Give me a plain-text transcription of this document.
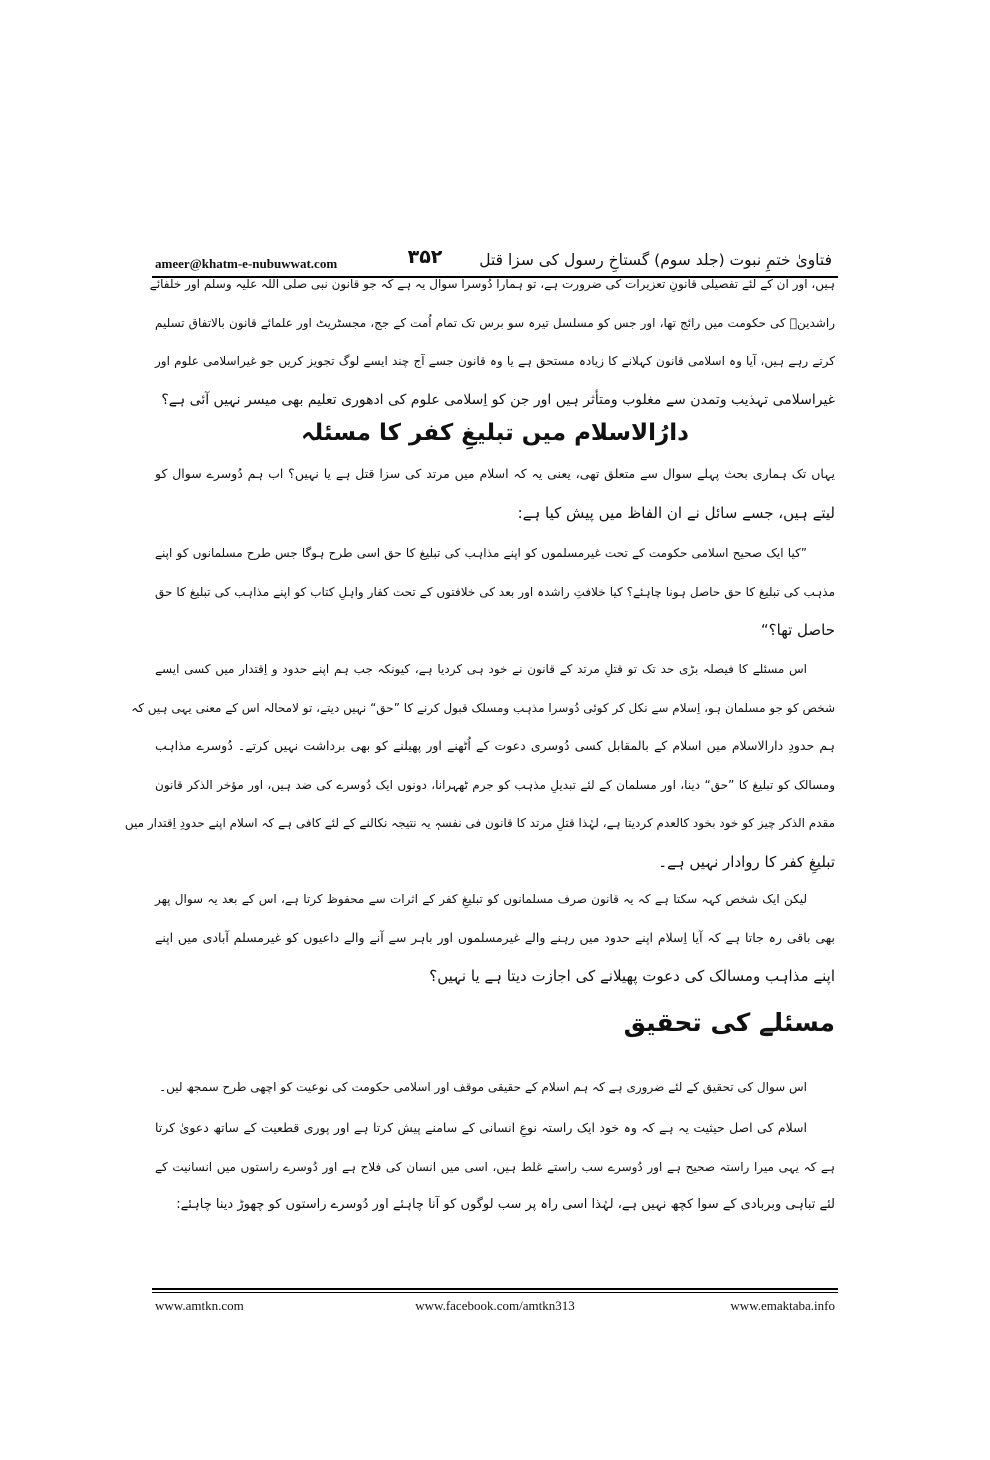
فتاویٰ ختمِ نبوت (جلد سوم) گستاخِ رسول کی سزا قتل
۳۵۲
ameer@khatm-e-nubuwwat.com
ہیں، اور ان کے لئے تفصیلی قانونِ تعزیرات کی ضرورت ہے، تو ہمارا دُوسرا سوال یہ ہے کہ جو قانون نبی صلی اللہ علیہ وسلم اور خلفائے
راشدینؓ کی حکومت میں رائج تھا، اور جس کو مسلسل تیرہ سو برس تک تمام اُمت کے جج، مجسٹریٹ اور علمائے قانون بالاتفاق تسلیم
کرتے رہے ہیں، آیا وہ اسلامی قانون کہلانے کا زیادہ مستحق ہے یا وہ قانون جسے آج چند ایسے لوگ تجویز کریں جو غیراسلامی علوم اور
غیراسلامی تہذیب وتمدن سے مغلوب ومتأثر ہیں اور جن کو اِسلامی علوم کی ادھوری تعلیم بھی میسر نہیں آئی ہے؟
دارُالاسلام میں تبلیغِ کفر کا مسئلہ
یہاں تک ہماری بحث پہلے سوال سے متعلق تھی، یعنی یہ کہ اسلام میں مرتد کی سزا قتل ہے یا نہیں؟ اب ہم دُوسرے سوال کو
لیتے ہیں، جسے سائل نے ان الفاظ میں پیش کیا ہے:
”کیا ایک صحیح اسلامی حکومت کے تحت غیرمسلموں کو اپنے مذاہب کی تبلیغ کا حق اسی طرح ہوگا جس طرح مسلمانوں کو اپنے
مذہب کی تبلیغ کا حق حاصل ہونا چاہئے؟ کیا خلافتِ راشدہ اور بعد کی خلافتوں کے تحت کفار واہلِ کتاب کو اپنے مذاہب کی تبلیغ کا حق
حاصل تھا؟“
اس مسئلے کا فیصلہ بڑی حد تک تو قتلِ مرتد کے قانون نے خود ہی کردیا ہے، کیونکہ جب ہم اپنے حدود و اِقتدار میں کسی ایسے
شخص کو جو مسلمان ہو، اِسلام سے نکل کر کوئی دُوسرا مذہب ومسلک قبول کرنے کا ”حق“ نہیں دیتے، تو لامحالہ اس کے معنی یہی ہیں کہ
ہم حدودِ دارالاسلام میں اسلام کے بالمقابل کسی دُوسری دعوت کے اُٹھنے اور پھیلنے کو بھی برداشت نہیں کرتے۔ دُوسرے مذاہب
ومسالک کو تبلیغ کا ”حق“ دینا، اور مسلمان کے لئے تبدیلِ مذہب کو جرم ٹھہرانا، دونوں ایک دُوسرے کی ضد ہیں، اور مؤخر الذکر قانون
مقدم الذکر چیز کو خود بخود کالعدم کردیتا ہے، لہٰذا قتلِ مرتد کا قانون فی نفسہٖ یہ نتیجہ نکالنے کے لئے کافی ہے کہ اسلام اپنے حدودِ اِقتدار میں
تبلیغِ کفر کا روادار نہیں ہے۔
لیکن ایک شخص کہہ سکتا ہے کہ یہ قانون صرف مسلمانوں کو تبلیغِ کفر کے اثرات سے محفوظ کرتا ہے، اس کے بعد یہ سوال پھر
بھی باقی رہ جاتا ہے کہ آیا اِسلام اپنے حدود میں رہنے والے غیرمسلموں اور باہر سے آنے والے داعیوں کو غیرمسلم آبادی میں اپنے
اپنے مذاہب ومسالک کی دعوت پھیلانے کی اجازت دیتا ہے یا نہیں؟
مسئلے کی تحقیق
اس سوال کی تحقیق کے لئے ضروری ہے کہ ہم اسلام کے حقیقی موقف اور اسلامی حکومت کی نوعیت کو اچھی طرح سمجھ لیں۔
اسلام کی اصل حیثیت یہ ہے کہ وہ خود ایک راستہ نوعِ انسانی کے سامنے پیش کرتا ہے اور پوری قطعیت کے ساتھ دعویٰ کرتا
ہے کہ یہی میرا راستہ صحیح ہے اور دُوسرے سب راستے غلط ہیں، اسی میں انسان کی فلاح ہے اور دُوسرے راستوں میں انسانیت کے
لئے تباہی وبربادی کے سوا کچھ نہیں ہے، لہٰذا اسی راہ پر سب لوگوں کو آنا چاہئے اور دُوسرے راستوں کو چھوڑ دینا چاہئے:
www.amtkn.com	www.facebook.com/amtkn313	www.emaktaba.info
